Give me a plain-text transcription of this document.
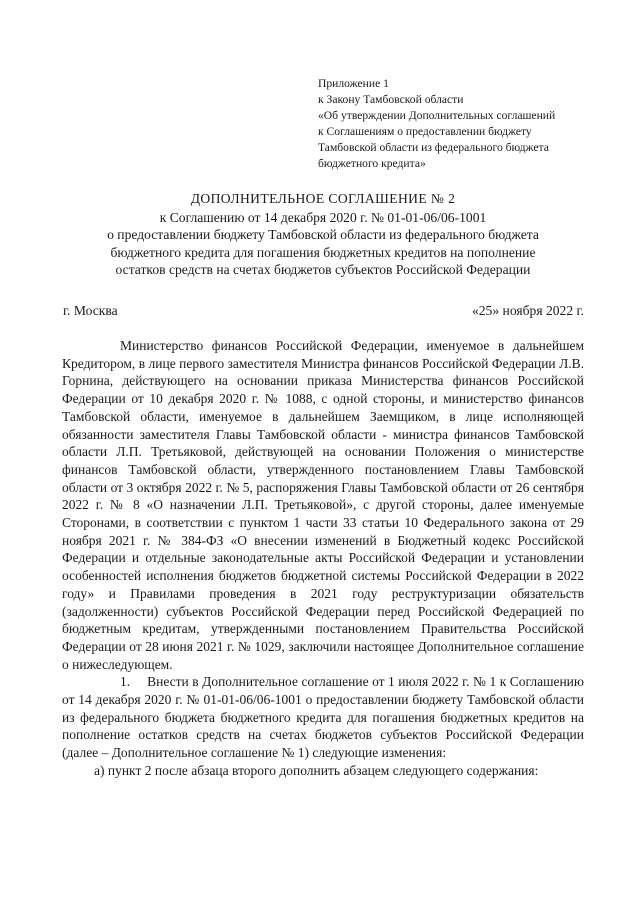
Приложение 1
к Закону Тамбовской области
«Об утверждении Дополнительных соглашений
к Соглашениям о предоставлении бюджету
Тамбовской области из федерального бюджета
бюджетного кредита»
ДОПОЛНИТЕЛЬНОЕ СОГЛАШЕНИЕ № 2
к Соглашению от 14 декабря 2020 г. № 01-01-06/06-1001
о предоставлении бюджету Тамбовской области из федерального бюджета
бюджетного кредита для погашения бюджетных кредитов на пополнение
остатков средств на счетах бюджетов субъектов Российской Федерации
г. Москва	«25» ноября 2022 г.

Министерство финансов Российской Федерации, именуемое в дальнейшем Кредитором, в лице первого заместителя Министра финансов Российской Федерации Л.В. Горнина, действующего на основании приказа Министерства финансов Российской Федерации от 10 декабря 2020 г. № 1088, с одной стороны, и министерство финансов Тамбовской области, именуемое в дальнейшем Заемщиком, в лице исполняющей обязанности заместителя Главы Тамбовской области - министра финансов Тамбовской области Л.П. Третьяковой, действующей на основании Положения о министерстве финансов Тамбовской области, утвержденного постановлением Главы Тамбовской области от 3 октября 2022 г. № 5, распоряжения Главы Тамбовской области от 26 сентября 2022 г. № 8 «О назначении Л.П. Третьяковой», с другой стороны, далее именуемые Сторонами, в соответствии с пунктом 1 части 33 статьи 10 Федерального закона от 29 ноября 2021 г. № 384-ФЗ «О внесении изменений в Бюджетный кодекс Российской Федерации и отдельные законодательные акты Российской Федерации и установлении особенностей исполнения бюджетов бюджетной системы Российской Федерации в 2022 году» и Правилами проведения в 2021 году реструктуризации обязательств (задолженности) субъектов Российской Федерации перед Российской Федерацией по бюджетным кредитам, утвержденными постановлением Правительства Российской Федерации от 28 июня 2021 г. № 1029, заключили настоящее Дополнительное соглашение о нижеследующем.

1.  Внести в Дополнительное соглашение от 1 июля 2022 г. № 1 к Соглашению от 14 декабря 2020 г. № 01-01-06/06-1001 о предоставлении бюджету Тамбовской области из федерального бюджета бюджетного кредита для погашения бюджетных кредитов на пополнение остатков средств на счетах бюджетов субъектов Российской Федерации (далее – Дополнительное соглашение № 1) следующие изменения:

а) пункт 2 после абзаца второго дополнить абзацем следующего содержания:
